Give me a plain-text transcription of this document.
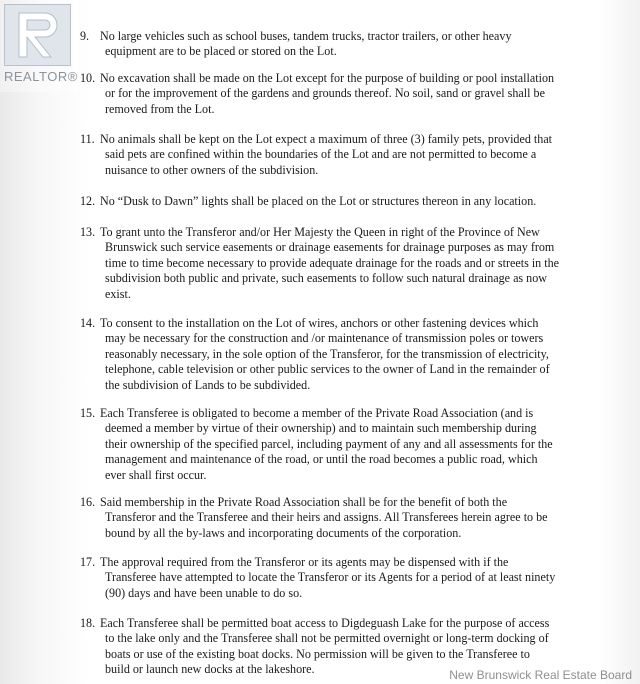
9. No large vehicles such as school buses, tandem trucks, tractor trailers, or other heavy
equipment are to be placed or stored on the Lot.
10. No excavation shall be made on the Lot except for the purpose of building or pool installation
or for the improvement of the gardens and grounds thereof. No soil, sand or gravel shall be
removed from the Lot.
11. No animals shall be kept on the Lot expect a maximum of three (3) family pets, provided that
said pets are confined within the boundaries of the Lot and are not permitted to become a
nuisance to other owners of the subdivision.
12. No “Dusk to Dawn” lights shall be placed on the Lot or structures thereon in any location.
13. To grant unto the Transferor and/or Her Majesty the Queen in right of the Province of New
Brunswick such service easements or drainage easements for drainage purposes as may from
time to time become necessary to provide adequate drainage for the roads and or streets in the
subdivision both public and private, such easements to follow such natural drainage as now
exist.
14. To consent to the installation on the Lot of wires, anchors or other fastening devices which
may be necessary for the construction and /or maintenance of transmission poles or towers
reasonably necessary, in the sole option of the Transferor, for the transmission of electricity,
telephone, cable television or other public services to the owner of Land in the remainder of
the subdivision of Lands to be subdivided.
15. Each Transferee is obligated to become a member of the Private Road Association (and is
deemed a member by virtue of their ownership) and to maintain such membership during
their ownership of the specified parcel, including payment of any and all assessments for the
management and maintenance of the road, or until the road becomes a public road, which
ever shall first occur.
16. Said membership in the Private Road Association shall be for the benefit of both the
Transferor and the Transferee and their heirs and assigns. All Transferees herein agree to be
bound by all the by-laws and incorporating documents of the corporation.
17. The approval required from the Transferor or its agents may be dispensed with if the
Transferee have attempted to locate the Transferor or its Agents for a period of at least ninety
(90) days and have been unable to do so.
18. Each Transferee shall be permitted boat access to Digdeguash Lake for the purpose of access
to the lake only and the Transferee shall not be permitted overnight or long-term docking of
boats or use of the existing boat docks. No permission will be given to the Transferee to
build or launch new docks at the lakeshore.
REALTOR®
New Brunswick Real Estate Board
